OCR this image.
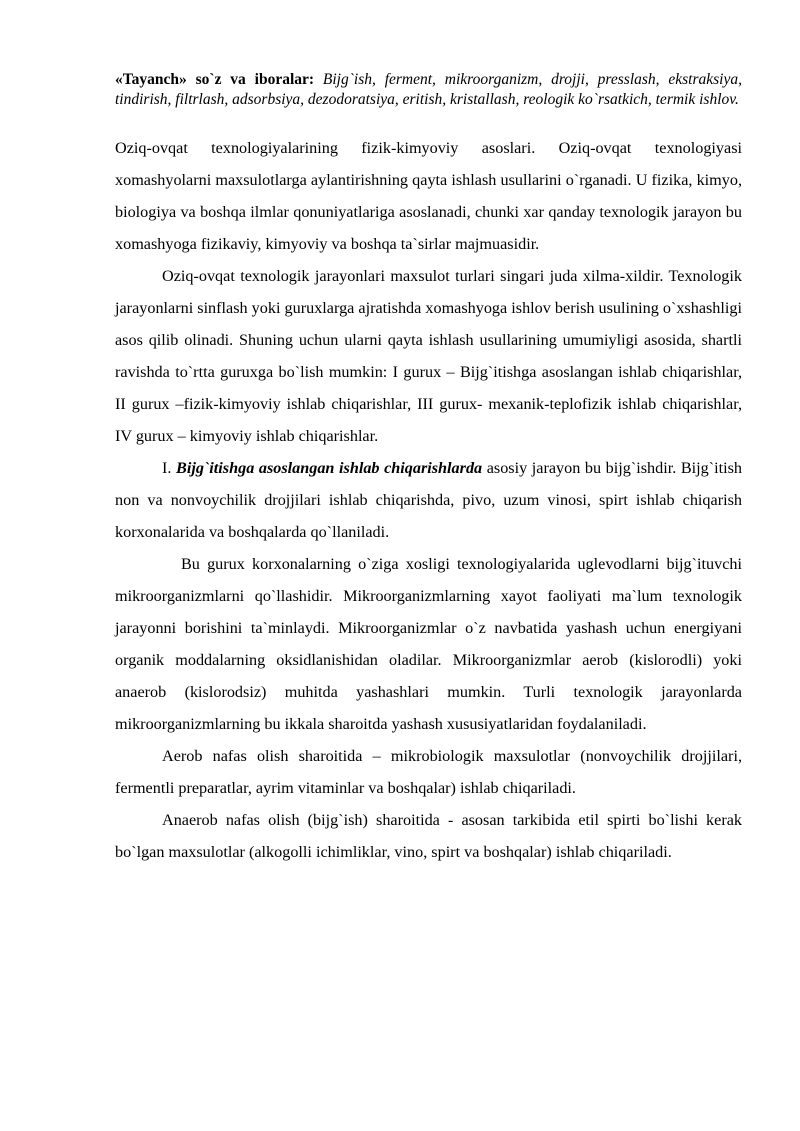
«Tayanch» so`z va iboralar: Bijg`ish, ferment, mikroorganizm, drojji, presslash, ekstraksiya, tindirish, filtrlash, adsorbsiya, dezodoratsiya, eritish, kristallash, reologik ko`rsatkich, termik ishlov.

Oziq-ovqat texnologiyalarining fizik-kimyoviy asoslari. Oziq-ovqat texnologiyasi xomashyolarni maxsulotlarga aylantirishning qayta ishlash usullarini o`rganadi. U fizika, kimyo, biologiya va boshqa ilmlar qonuniyatlariga asoslanadi, chunki xar qanday texnologik jarayon bu xomashyoga fizikaviy, kimyoviy va boshqa ta`sirlar majmuasidir.

Oziq-ovqat texnologik jarayonlari maxsulot turlari singari juda xilma-xildir. Texnologik jarayonlarni sinflash yoki guruxlarga ajratishda xomashyoga ishlov berish usulining o`xshashligi asos qilib olinadi. Shuning uchun ularni qayta ishlash usullarining umumiyligi asosida, shartli ravishda to`rtta guruxga bo`lish mumkin: I gurux – Bijg`itishga asoslangan ishlab chiqarishlar, II gurux –fizik-kimyoviy ishlab chiqarishlar, III gurux- mexanik-teplofizik ishlab chiqarishlar, IV gurux – kimyoviy ishlab chiqarishlar.

I. Bijg`itishga asoslangan ishlab chiqarishlarda asosiy jarayon bu bijg`ishdir. Bijg`itish non va nonvoychilik drojjilari ishlab chiqarishda, pivo, uzum vinosi, spirt ishlab chiqarish korxonalarida va boshqalarda qo`llaniladi.

Bu gurux korxonalarning o`ziga xosligi texnologiyalarida uglevodlarni bijg`ituvchi mikroorganizmlarni qo`llashidir. Mikroorganizmlarning xayot faoliyati ma`lum texnologik jarayonni borishini ta`minlaydi. Mikroorganizmlar o`z navbatida yashash uchun energiyani organik moddalarning oksidlanishidan oladilar. Mikroorganizmlar aerob (kislorodli) yoki anaerob (kislorodsiz) muhitda yashashlari mumkin. Turli texnologik jarayonlarda mikroorganizmlarning bu ikkala sharoitda yashash xususiyatlaridan foydalaniladi.

Aerob nafas olish sharoitida – mikrobiologik maxsulotlar (nonvoychilik drojjilari, fermentli preparatlar, ayrim vitaminlar va boshqalar) ishlab chiqariladi.

Anaerob nafas olish (bijg`ish) sharoitida - asosan tarkibida etil spirti bo`lishi kerak bo`lgan maxsulotlar (alkogolli ichimliklar, vino, spirt va boshqalar) ishlab chiqariladi.
